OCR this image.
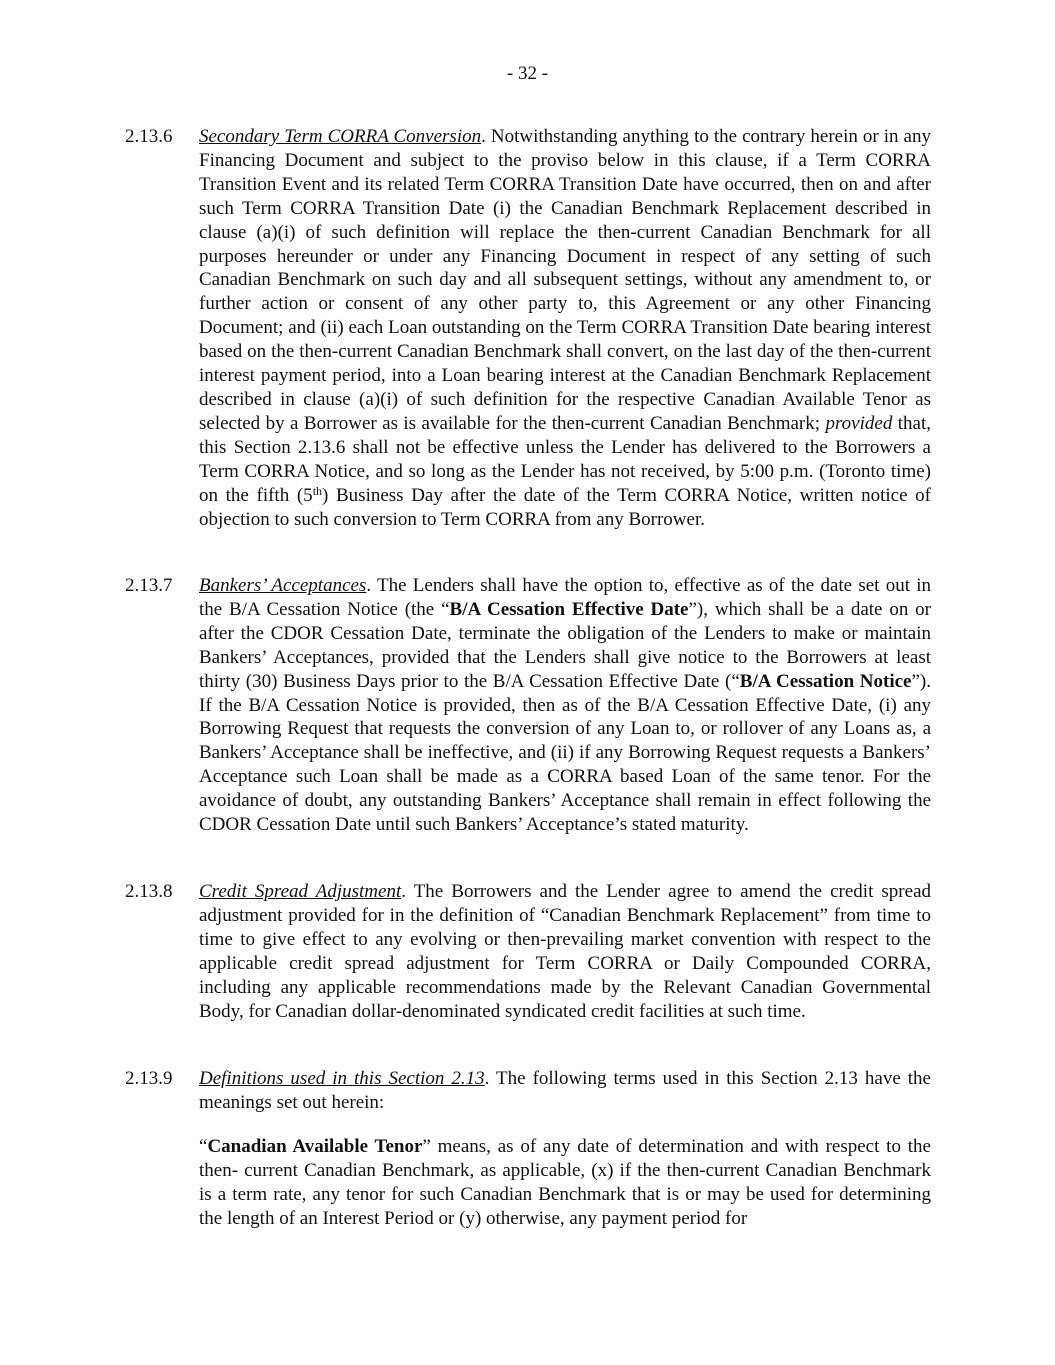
- 32 -
2.13.6	Secondary Term CORRA Conversion. Notwithstanding anything to the contrary herein or in any Financing Document and subject to the proviso below in this clause, if a Term CORRA Transition Event and its related Term CORRA Transition Date have occurred, then on and after such Term CORRA Transition Date (i) the Canadian Benchmark Replacement described in clause (a)(i) of such definition will replace the then-current Canadian Benchmark for all purposes hereunder or under any Financing Document in respect of any setting of such Canadian Benchmark on such day and all subsequent settings, without any amendment to, or further action or consent of any other party to, this Agreement or any other Financing Document; and (ii) each Loan outstanding on the Term CORRA Transition Date bearing interest based on the then-current Canadian Benchmark shall convert, on the last day of the then-current interest payment period, into a Loan bearing interest at the Canadian Benchmark Replacement described in clause (a)(i) of such definition for the respective Canadian Available Tenor as selected by a Borrower as is available for the then-current Canadian Benchmark; provided that, this Section 2.13.6 shall not be effective unless the Lender has delivered to the Borrowers a Term CORRA Notice, and so long as the Lender has not received, by 5:00 p.m. (Toronto time) on the fifth (5th) Business Day after the date of the Term CORRA Notice, written notice of objection to such conversion to Term CORRA from any Borrower.
2.13.7	Bankers’ Acceptances. The Lenders shall have the option to, effective as of the date set out in the B/A Cessation Notice (the “B/A Cessation Effective Date”), which shall be a date on or after the CDOR Cessation Date, terminate the obligation of the Lenders to make or maintain Bankers’ Acceptances, provided that the Lenders shall give notice to the Borrowers at least thirty (30) Business Days prior to the B/A Cessation Effective Date (“B/A Cessation Notice”). If the B/A Cessation Notice is provided, then as of the B/A Cessation Effective Date, (i) any Borrowing Request that requests the conversion of any Loan to, or rollover of any Loans as, a Bankers’ Acceptance shall be ineffective, and (ii) if any Borrowing Request requests a Bankers’ Acceptance such Loan shall be made as a CORRA based Loan of the same tenor. For the avoidance of doubt, any outstanding Bankers’ Acceptance shall remain in effect following the CDOR Cessation Date until such Bankers’ Acceptance’s stated maturity.
2.13.8	Credit Spread Adjustment. The Borrowers and the Lender agree to amend the credit spread adjustment provided for in the definition of “Canadian Benchmark Replacement” from time to time to give effect to any evolving or then-prevailing market convention with respect to the applicable credit spread adjustment for Term CORRA or Daily Compounded CORRA, including any applicable recommendations made by the Relevant Canadian Governmental Body, for Canadian dollar-denominated syndicated credit facilities at such time.
2.13.9	Definitions used in this Section 2.13. The following terms used in this Section 2.13 have the meanings set out herein:
“Canadian Available Tenor” means, as of any date of determination and with respect to the then- current Canadian Benchmark, as applicable, (x) if the then-current Canadian Benchmark is a term rate, any tenor for such Canadian Benchmark that is or may be used for determining the length of an Interest Period or (y) otherwise, any payment period for
